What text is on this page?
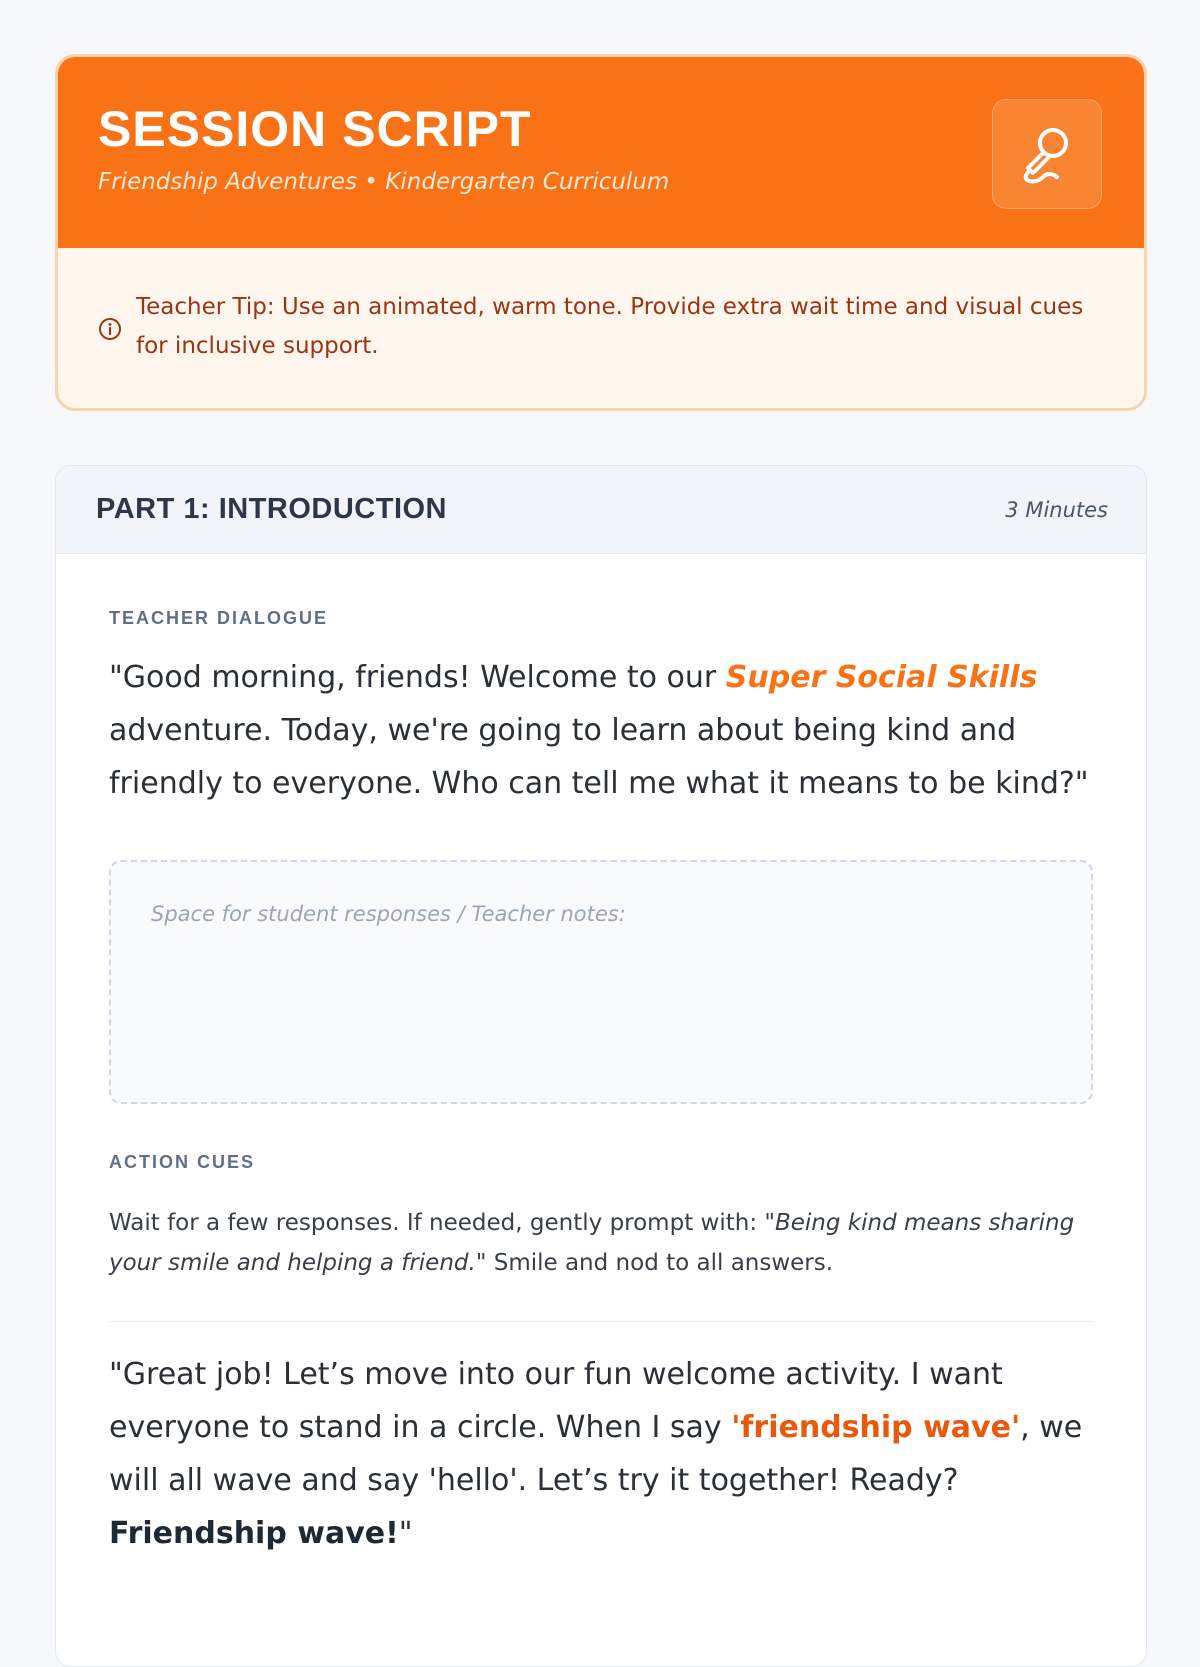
SESSION SCRIPT
Friendship Adventures • Kindergarten Curriculum
Teacher Tip: Use an animated, warm tone. Provide extra wait time and visual cues for inclusive support.
PART 1: INTRODUCTION	3 Minutes
TEACHER DIALOGUE
"Good morning, friends! Welcome to our Super Social Skills adventure. Today, we're going to learn about being kind and friendly to everyone. Who can tell me what it means to be kind?"
Space for student responses / Teacher notes:
ACTION CUES
Wait for a few responses. If needed, gently prompt with: "Being kind means sharing your smile and helping a friend." Smile and nod to all answers.
"Great job! Let’s move into our fun welcome activity. I want everyone to stand in a circle. When I say 'friendship wave', we will all wave and say 'hello'. Let’s try it together! Ready? Friendship wave!"
